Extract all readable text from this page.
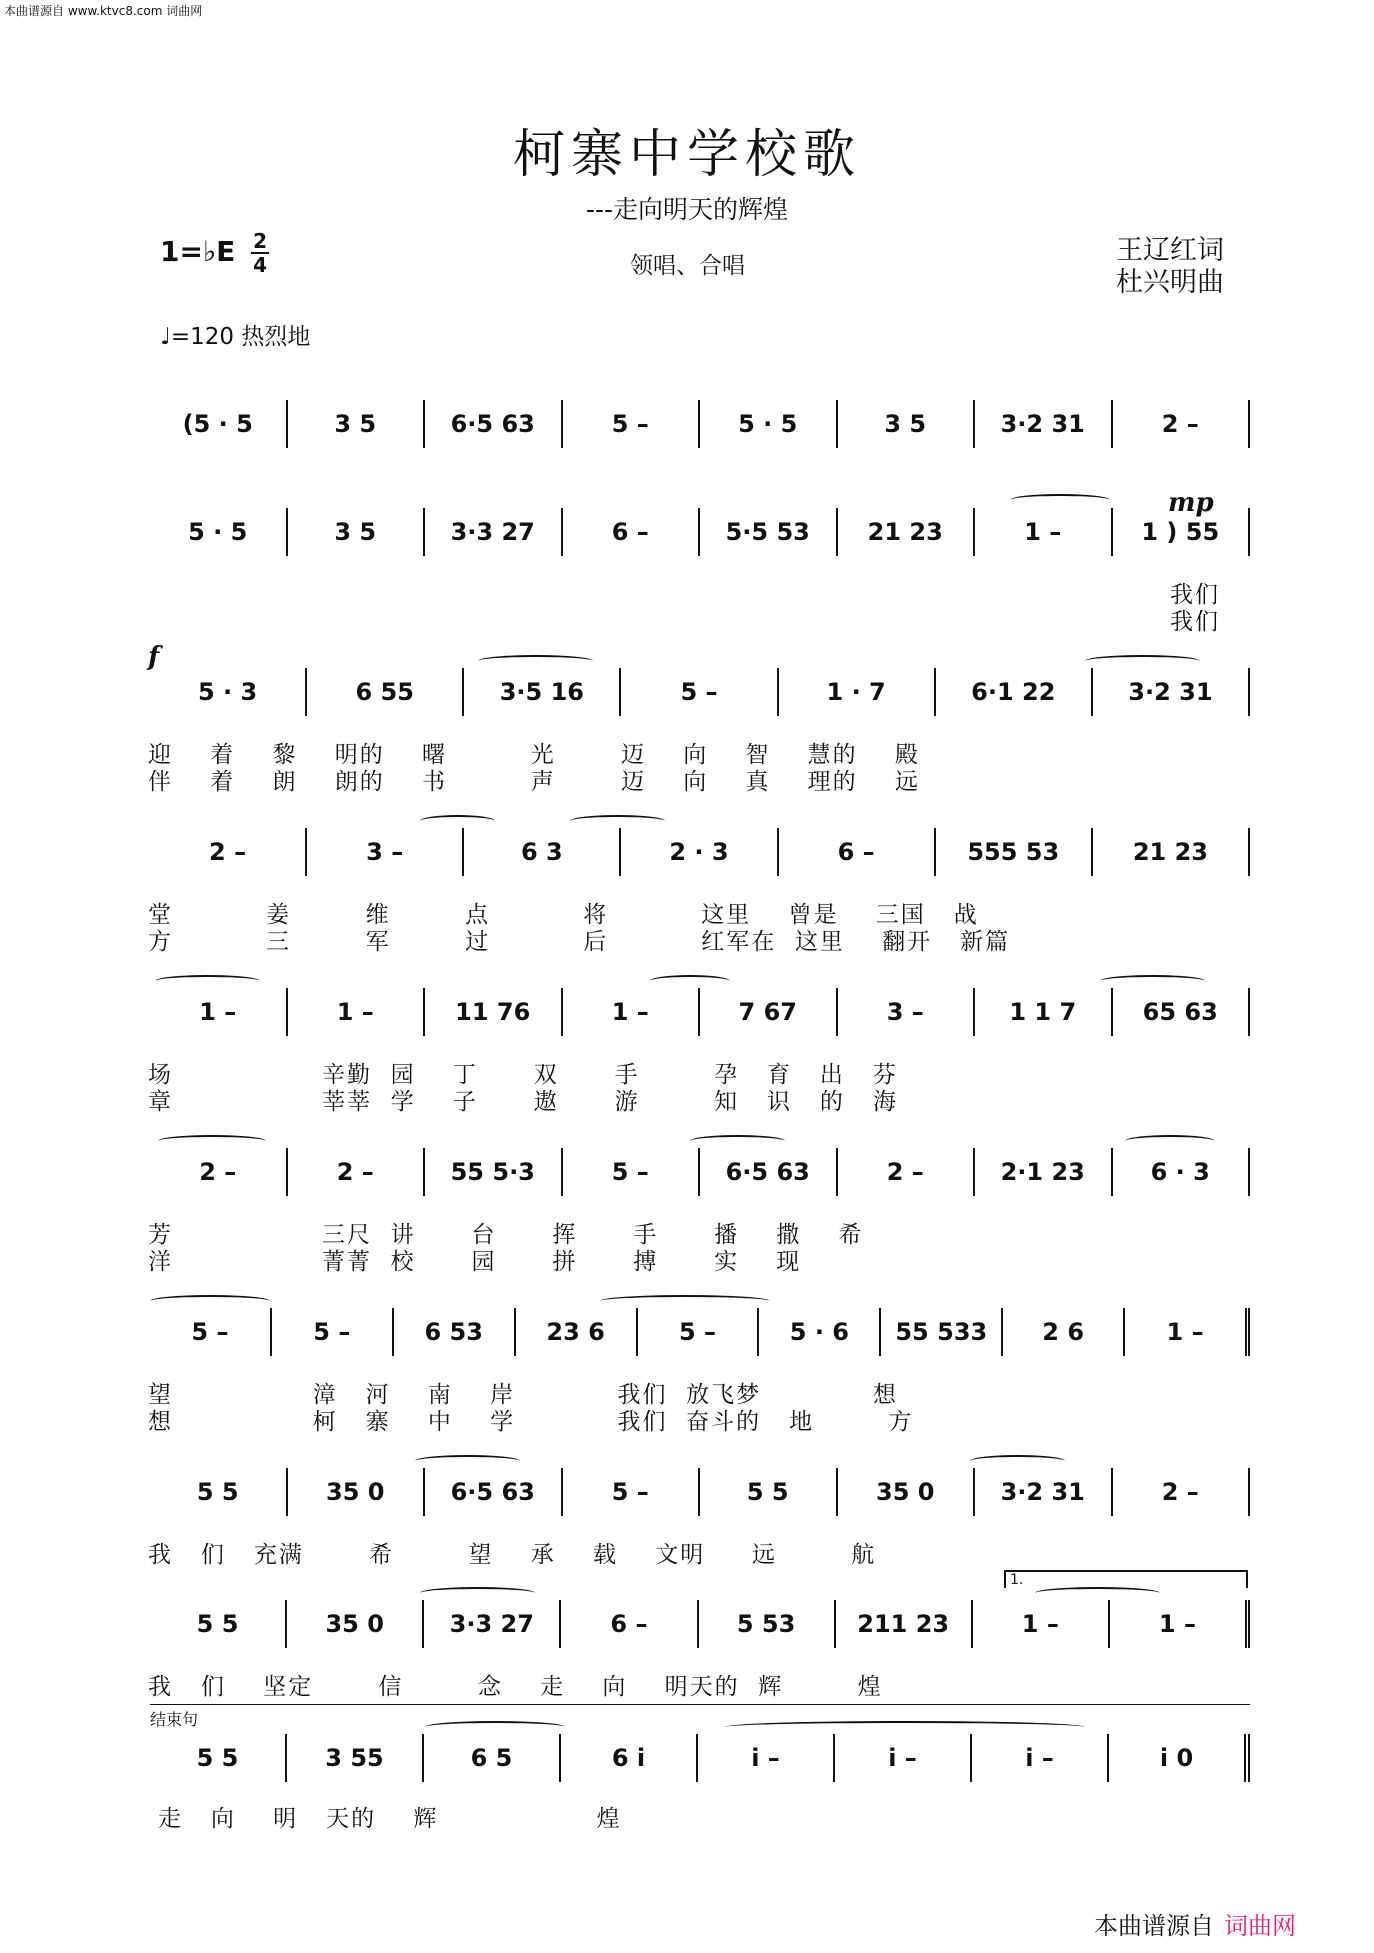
本曲谱源自 www.ktvc8.com 词曲网
柯寨中学校歌
---走向明天的辉煌
1=♭E $\frac{2}{4}$	领唱、合唱	王辽红词
杜兴明曲
♩=120 热烈地
(5 · 5	3 5	6·5 63	5 –	5 · 5	3 5	3·2 31	2 –
mp
5 · 5	3 5	3·3 27	6 –	5·5 53	21 23	1 –	1 ) 55
我们
我们
f
5 · 3	6 55	3·5 16	5 –	1 · 7	6·1 22	3·2 31
迎    着    黎    明的    曙         光       迈    向    智    慧的    殿
伴    着    朗    朗的    书         声       迈    向    真    理的    远
2 –	3 –	6 3	2 · 3	6 –	555 53	21 23
堂          姜        维        点          将          这里    曾是    三国   战
方          三        军        过          后          红军在  这里    翻开   新篇
1 –	1 –	11 76	1 –	7 67	3 –	1 1 7	65 63
场                辛勤  园    丁      双      手        孕   育   出   芬
章                莘莘  学    子      遨      游        知   识   的   海
2 –	2 –	55 5·3	5 –	6·5 63	2 –	2·1 23	6 · 3
芳                三尺  讲      台      挥      手      播    撒    希
洋                菁菁  校      园      拼      搏      实    现
5 –	5 –	6 53	23 6	5 –	5 · 6	55 533	2 6	1 –
望               漳   河    南    岸           我们  放飞梦            想
想               柯   寨    中    学           我们  奋斗的   地        方
5 5	35 0	6·5 63	5 –	5 5	35 0	3·2 31	2 –
我   们   充满       希        望    承    载    文明     远        航
1.
5 5	35 0	3·3 27	6 –	5 53	211 23	1 –	1 –
我   们    坚定       信        念    走    向    明天的  辉        煌
结束句
5 5	3 55	6 5	6 i	i –	i –	i –	i 0
走   向    明   天的    辉                 煌
本曲谱源自 词曲网
